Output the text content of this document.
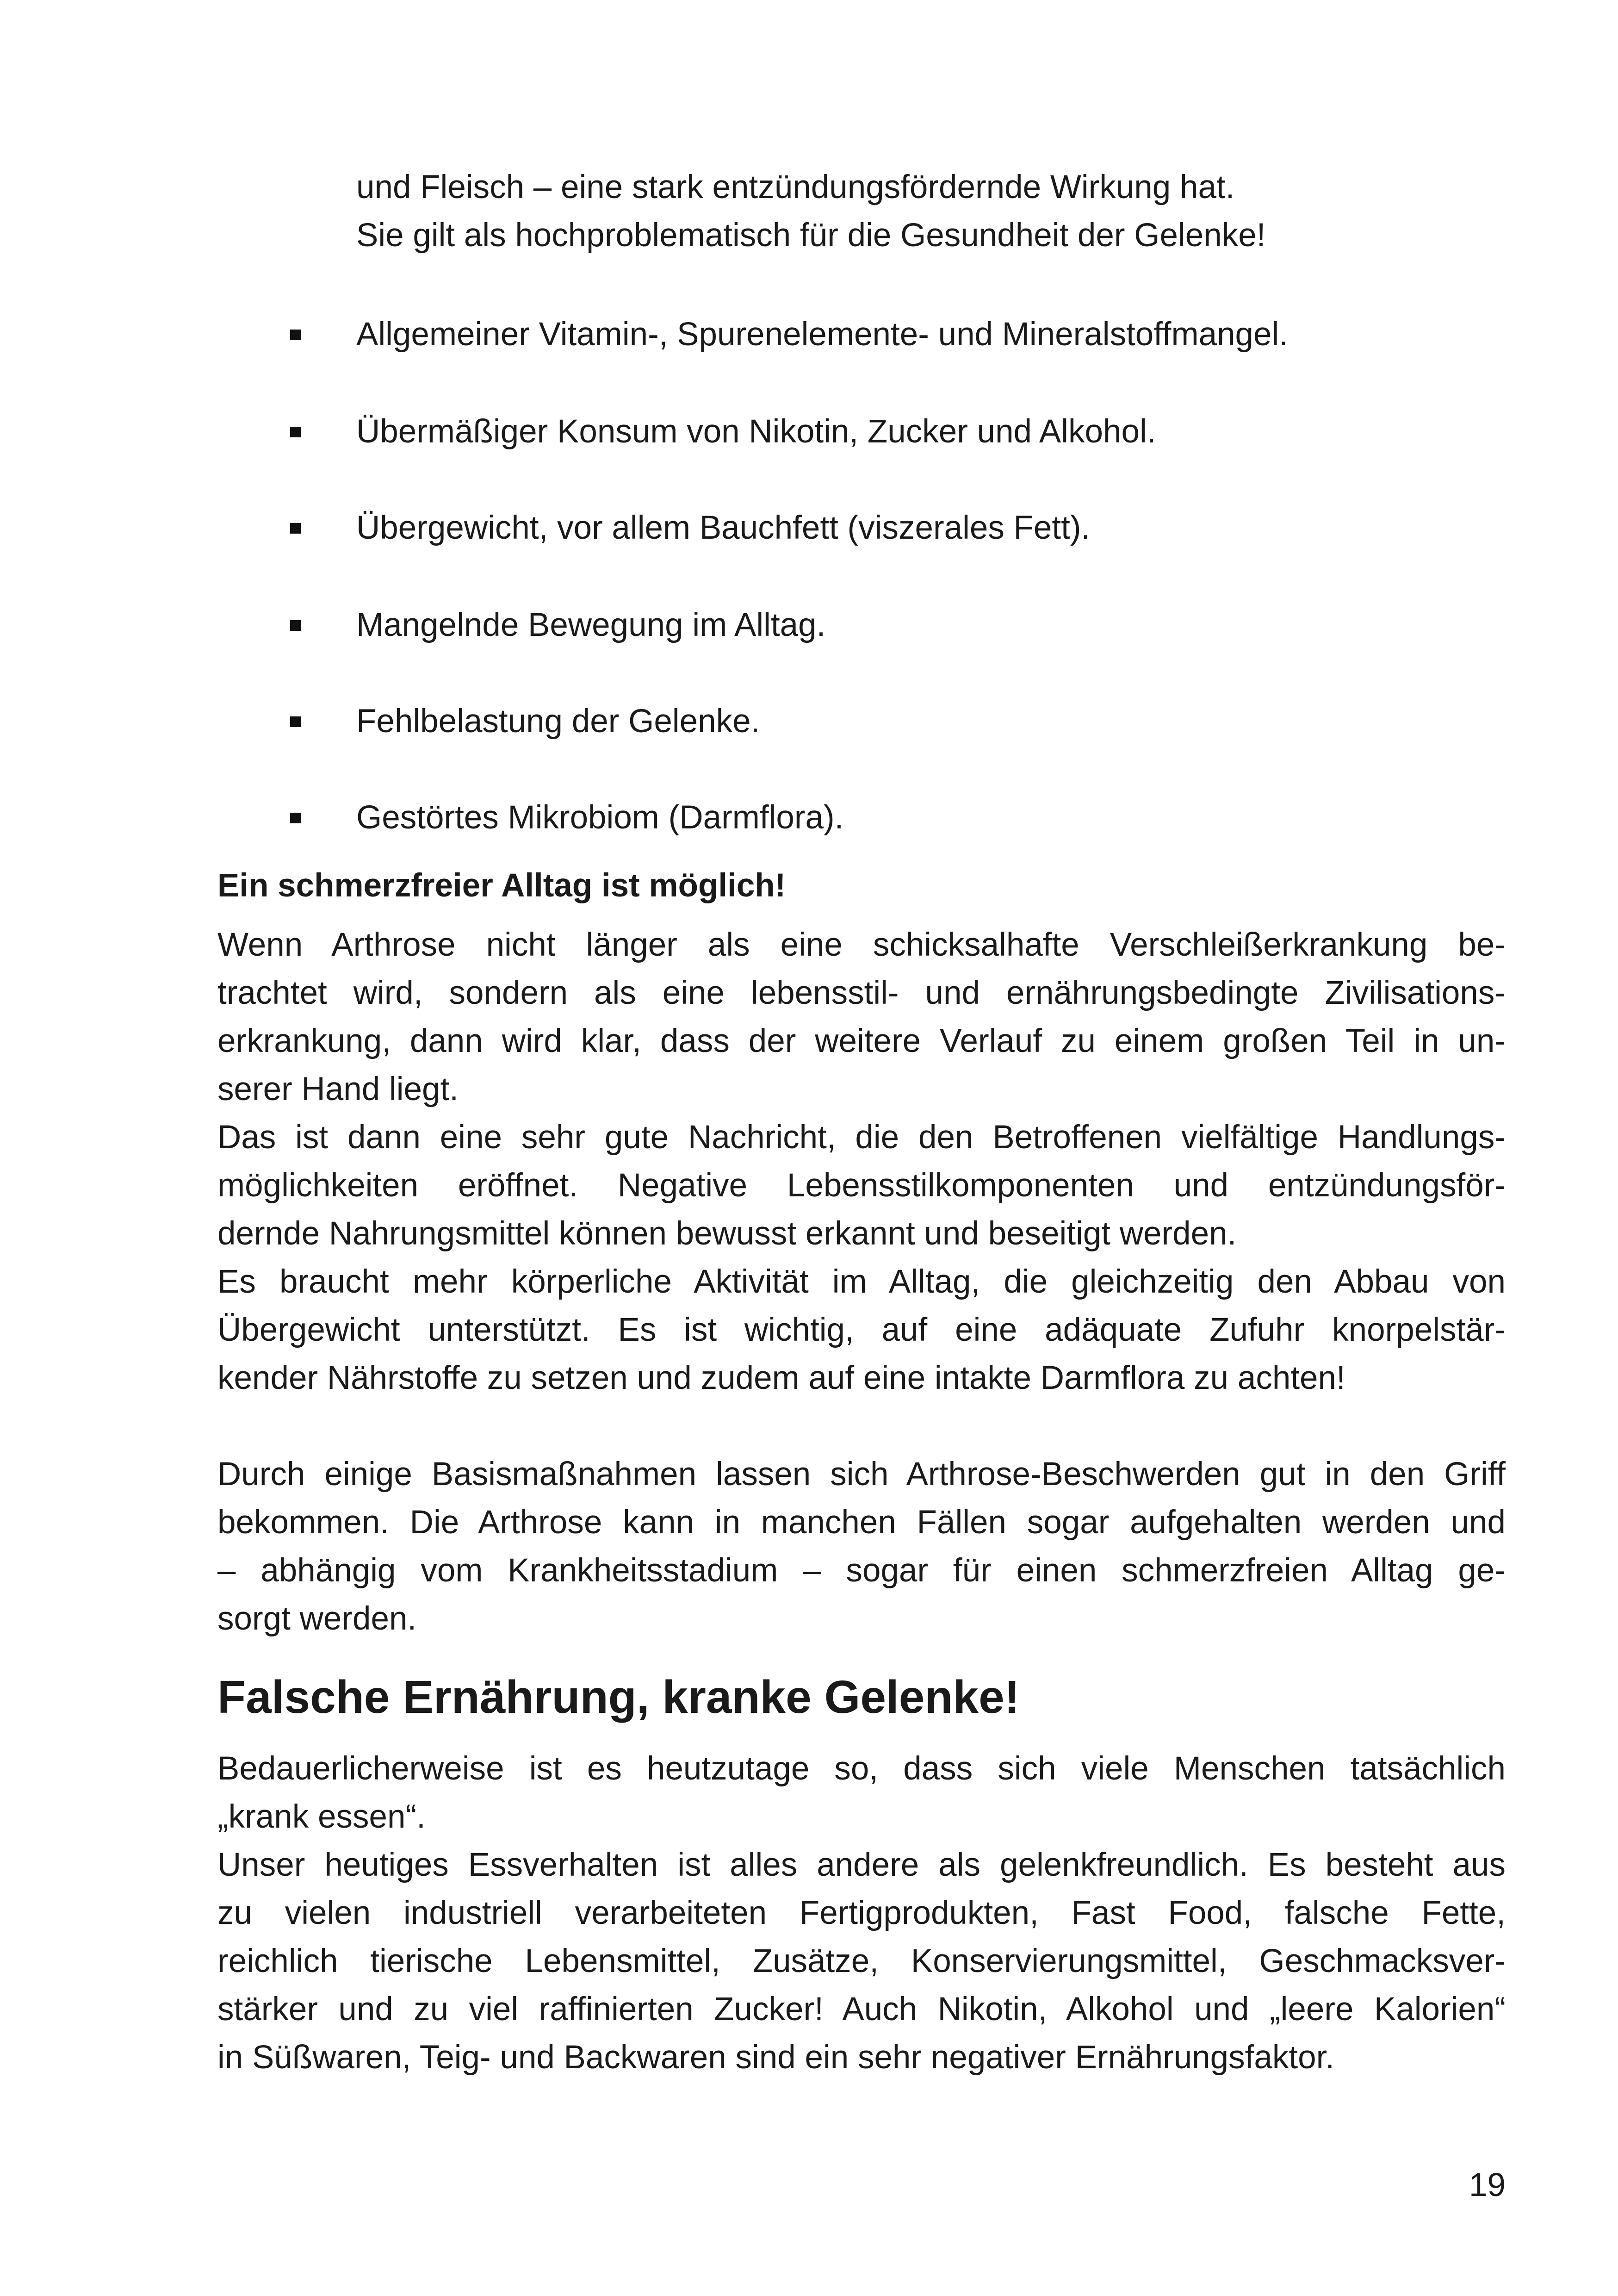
und Fleisch – eine stark entzündungsfördernde Wirkung hat.
Sie gilt als hochproblematisch für die Gesundheit der Gelenke!
Allgemeiner Vitamin-, Spurenelemente- und Mineralstoffmangel.
Übermäßiger Konsum von Nikotin, Zucker und Alkohol.
Übergewicht, vor allem Bauchfett (viszerales Fett).
Mangelnde Bewegung im Alltag.
Fehlbelastung der Gelenke.
Gestörtes Mikrobiom (Darmflora).
Ein schmerzfreier Alltag ist möglich!
Wenn Arthrose nicht länger als eine schicksalhafte Verschleißerkrankung be-
trachtet wird, sondern als eine lebensstil- und ernährungsbedingte Zivilisations-
erkrankung, dann wird klar, dass der weitere Verlauf zu einem großen Teil in un-
serer Hand liegt.
Das ist dann eine sehr gute Nachricht, die den Betroffenen vielfältige Handlungs-
möglichkeiten eröffnet. Negative Lebensstilkomponenten und entzündungsför-
dernde Nahrungsmittel können bewusst erkannt und beseitigt werden.
Es braucht mehr körperliche Aktivität im Alltag, die gleichzeitig den Abbau von
Übergewicht unterstützt. Es ist wichtig, auf eine adäquate Zufuhr knorpelstär-
kender Nährstoffe zu setzen und zudem auf eine intakte Darmflora zu achten!
Durch einige Basismaßnahmen lassen sich Arthrose-Beschwerden gut in den Griff
bekommen. Die Arthrose kann in manchen Fällen sogar aufgehalten werden und
– abhängig vom Krankheitsstadium – sogar für einen schmerzfreien Alltag ge-
sorgt werden.
Falsche Ernährung, kranke Gelenke!
Bedauerlicherweise ist es heutzutage so, dass sich viele Menschen tatsächlich
„krank essen“.
Unser heutiges Essverhalten ist alles andere als gelenkfreundlich. Es besteht aus
zu vielen industriell verarbeiteten Fertigprodukten, Fast Food, falsche Fette,
reichlich tierische Lebensmittel, Zusätze, Konservierungsmittel, Geschmacksver-
stärker und zu viel raffinierten Zucker! Auch Nikotin, Alkohol und „leere Kalorien“
in Süßwaren, Teig- und Backwaren sind ein sehr negativer Ernährungsfaktor.
19
